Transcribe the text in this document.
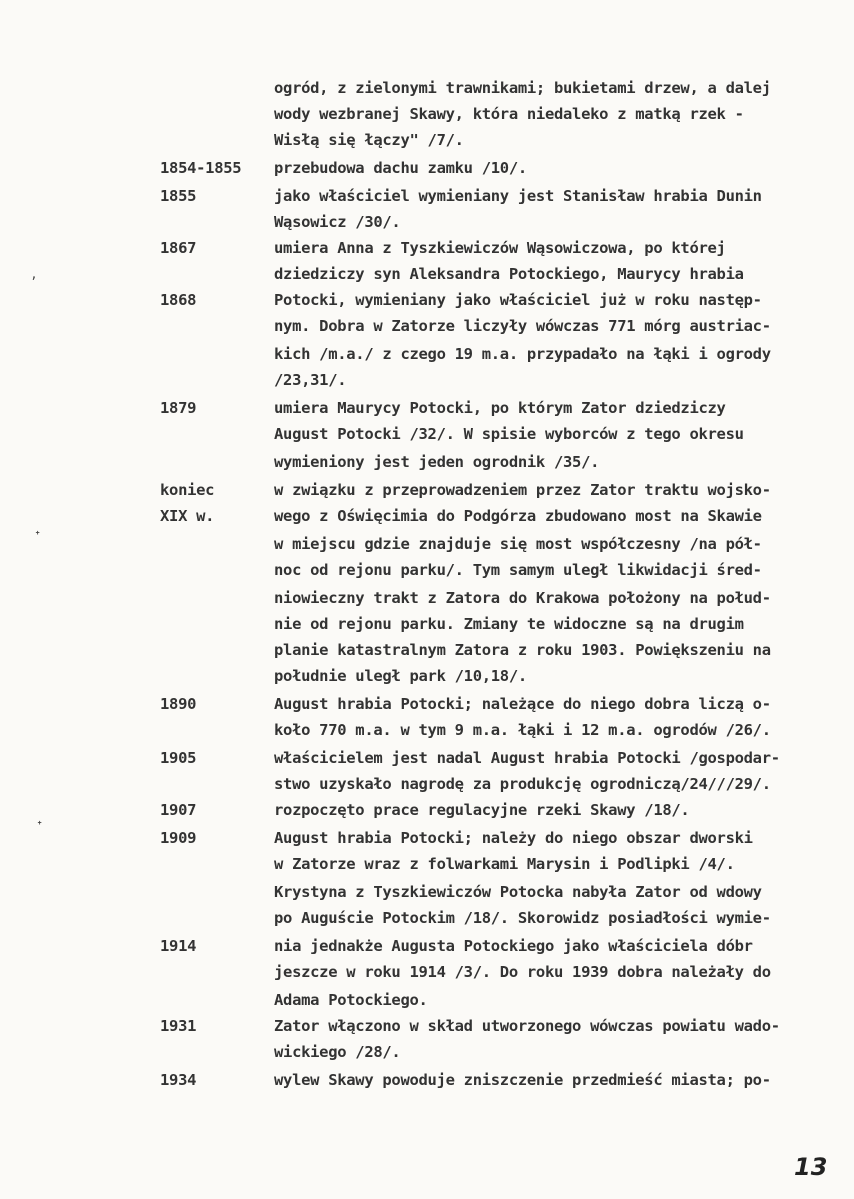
ogród, z zielonymi trawnikami; bukietami drzew, a dalej
wody wezbranej Skawy, która niedaleko z matką rzek -
Wisłą się łączy" /7/.
1854-1855 przebudowa dachu zamku /10/.
1855	jako właściciel wymieniany jest Stanisław hrabia Dunin
Wąsowicz /30/.
1867	umiera Anna z Tyszkiewiczów Wąsowiczowa, po której
dziedziczy syn Aleksandra Potockiego, Maurycy hrabia
1868	Potocki, wymieniany jako właściciel już w roku następ-
nym. Dobra w Zatorze liczyły wówczas 771 mórg austriac-
kich /m.a./ z czego 19 m.a. przypadało na łąki i ogrody
/23,31/.
1879	umiera Maurycy Potocki, po którym Zator dziedziczy
August Potocki /32/. W spisie wyborców z tego okresu
wymieniony jest jeden ogrodnik /35/.
koniec	w związku z przeprowadzeniem przez Zator traktu wojsko-
XIX w.	wego z Oświęcimia do Podgórza zbudowano most na Skawie
w miejscu gdzie znajduje się most współczesny /na pół-
noc od rejonu parku/. Tym samym uległ likwidacji śred-
niowieczny trakt z Zatora do Krakowa położony na połud-
nie od rejonu parku. Zmiany te widoczne są na drugim
planie katastralnym Zatora z roku 1903. Powiększeniu na
południe uległ park /10,18/.
1890	August hrabia Potocki; należące do niego dobra liczą o-
koło 770 m.a. w tym 9 m.a. łąki i 12 m.a. ogrodów /26/.
1905	właścicielem jest nadal August hrabia Potocki /gospodar-
stwo uzyskało nagrodę za produkcję ogrodniczą/24///29/.
1907	rozpoczęto prace regulacyjne rzeki Skawy /18/.
1909	August hrabia Potocki; należy do niego obszar dworski
w Zatorze wraz z folwarkami Marysin i Podlipki /4/.
Krystyna z Tyszkiewiczów Potocka nabyła Zator od wdowy
po Auguście Potockim /18/. Skorowidz posiadłości wymie-
1914	nia jednakże Augusta Potockiego jako właściciela dóbr
jeszcze w roku 1914 /3/. Do roku 1939 dobra należały do
Adama Potockiego.
1931	Zator włączono w skład utworzonego wówczas powiatu wado-
wickiego /28/.
1934	wylew Skawy powoduje zniszczenie przedmieść miasta; po-
ʼ
˖
˖
13
